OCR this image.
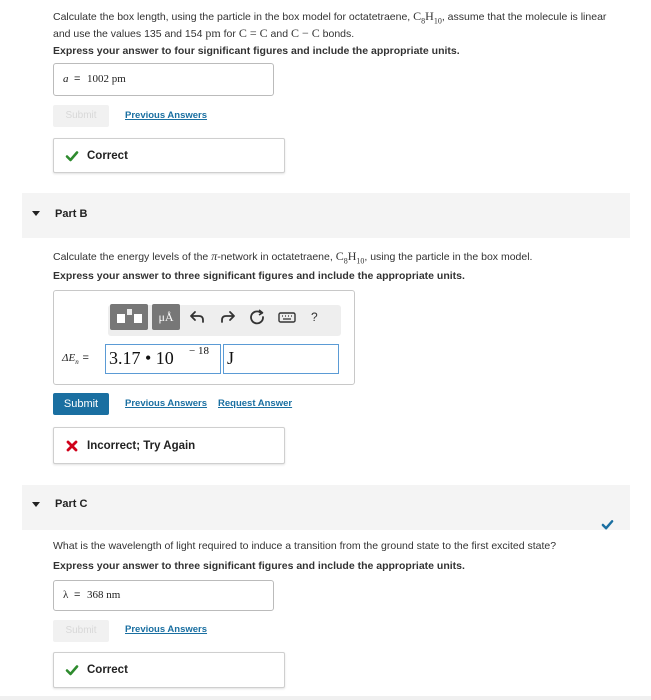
Calculate the box length, using the particle in the box model for octatetraene, $C_8H_{10}$, assume that the molecule is linear
and use the values 135 and 154 pm for C = C and C − C bonds.
Express your answer to four significant figures and include the appropriate units.
a = 1002 pm
Submit	Previous Answers
Correct
Part B
Calculate the energy levels of the π-network in octatetraene, $C_8H_{10}$, using the particle in the box model.
Express your answer to three significant figures and include the appropriate units.
μÅ	?
$\Delta E_n = 3.17$ • 10 − 18 J
Submit	Previous Answers Request Answer
Incorrect; Try Again
Part C
What is the wavelength of light required to induce a transition from the ground state to the first excited state?
Express your answer to three significant figures and include the appropriate units.
λ = 368 nm
Submit	Previous Answers
Correct
